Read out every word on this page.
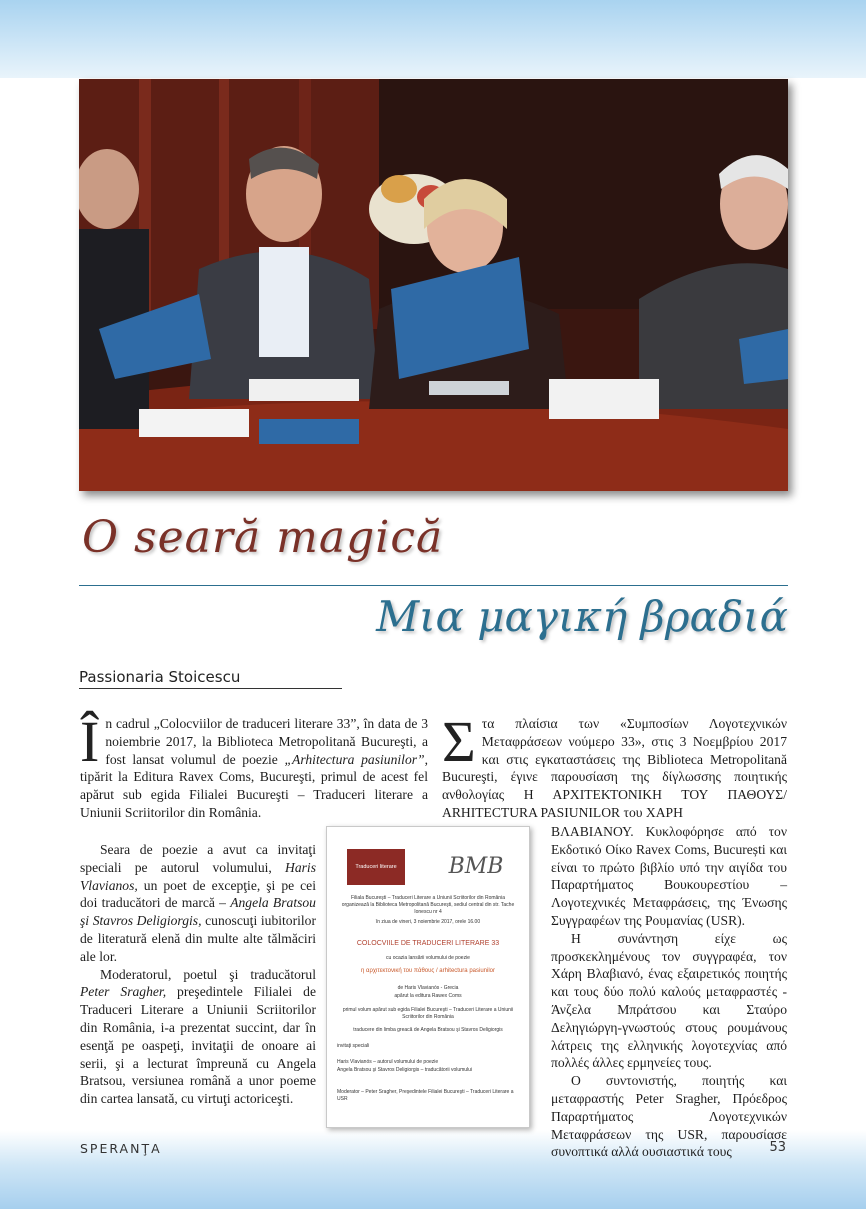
O seară magică
Μια μαγική βραδιά
Passionaria Stoicescu

În cadrul „Colocviilor de traduceri literare 33”, în data de 3 noiembrie 2017, la Biblioteca Metropolitană Bucureşti, a fost lansat volumul de poezie „Arhitectura pasiunilor”, tipărit la Editura Ravex Coms, Bucureşti, primul de acest fel apărut sub egida Filialei Bucureşti – Traduceri literare a Uniunii Scriitorilor din România.

Seara de poezie a avut ca invitaţi speciali pe autorul volumului, Haris Vlavianos, un poet de excepţie, şi pe cei doi traducători de marcă – Angela Bratsou şi Stavros Deligiorgis, cunoscuţi iubitorilor de literatură elenă din multe alte tălmăciri ale lor.

Moderatorul, poetul şi traducătorul Peter Sragher, preşedintele Filialei de Traduceri Literare a Uniunii Scriitorilor din România, i-a prezentat succint, dar în esenţă pe oaspeţi, invitaţii de onoare ai serii, şi a lecturat împreună cu Angela Bratsou, versiunea română a unor poeme din cartea lansată, cu virtuţi actoriceşti.

Στα πλαίσια των «Συμποσίων Λογοτεχνικών Μεταφράσεων νούμερο 33», στις 3 Νοεμβρίου 2017 και στις εγκαταστάσεις της Biblioteca Metropolitană Bucureşti, έγινε παρουσίαση της δίγλωσσης ποιητικής ανθολογίας Η ΑΡΧΙΤΕΚΤΟΝΙΚΗ ΤΟΥ ΠΑΘΟΥΣ/ ARHITECTURA PASIUNILOR του ΧΑΡΗ

ΒΛΑΒΙΑΝΟΥ. Κυκλοφόρησε από τον Εκδοτικό Οίκο Ravex Coms, București και είναι το πρώτο βιβλίο υπό την αιγίδα του Παραρτήματος Βουκουρεστίου – Λογοτεχνικές Μεταφράσεις, της Ένωσης Συγγραφέων της Ρουμανίας (USR).

Η συνάντηση είχε ως προσκεκλημένους τον συγγραφέα, τον Χάρη Βλαβιανό, ένας εξαιρετικός ποιητής και τους δύο πολύ καλούς μεταφραστές - Άνζελα Μπράτσου και Σταύρο Δεληγιώργη-γνωστούς στους ρουμάνους λάτρεις της ελληνικής λογοτεχνίας από πολλές άλλες ερμηνείες τους.

Ο συντονιστής, ποιητής και μεταφραστής Peter Sragher, Πρόεδρος Παραρτήματος Λογοτεχνικών Μεταφράσεων της USR, παρουσίασε συνοπτικά αλλά ουσιαστικά τους

Traduceri literare	BMB
Filiala Bucureşti – Traduceri Literare a Uniunii Scriitorilor din România organizează la Biblioteca Metropolitană Bucureşti, sediul central din str. Tache Ionescu nr 4
în ziua de vineri, 3 noiembrie 2017, orele 16.00
COLOCVIILE DE TRADUCERI LITERARE 33
cu ocazia lansării volumului de poezie
η αρχιτεκτονική του πάθους / arhitectura pasiunilor
de Haris Vlavianós - Grecia
apărut la editura Rawex Coms
primul volum apărut sub egida Filialei Bucureşti – Traduceri Literare a Uniunii Scriitorilor din România
traducere din limba greacă de Angela Bratsou şi Stavros Deligiorgis
invitaţi speciali
Haris Vlavianós – autorul volumului de poezie
Angela Bratsou şi Stavros Deligiorgis – traducătorii volumului
Moderator – Peter Sragher, Preşedintele Filialei Bucureşti – Traduceri Literare a USR
SPERANŢA	53
